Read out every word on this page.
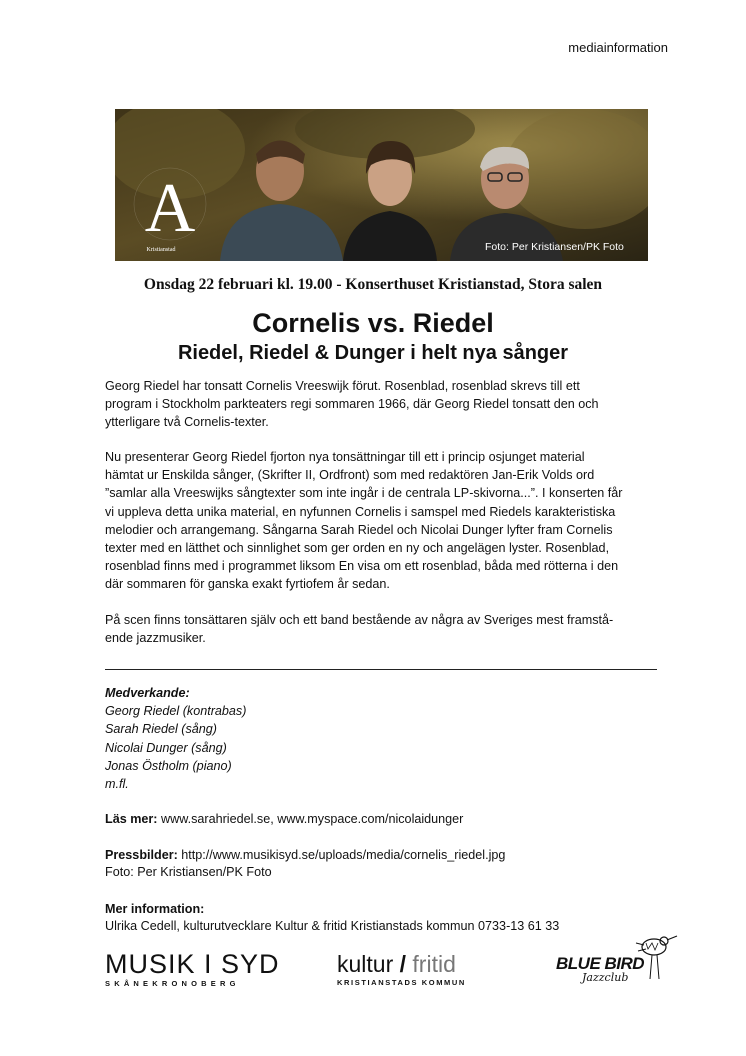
mediainformation
A
Kristianstad	Foto: Per Kristiansen/PK Foto
Onsdag 22 februari kl. 19.00 - Konserthuset Kristianstad, Stora salen
Cornelis vs. Riedel
Riedel, Riedel & Dunger i helt nya sånger
Georg Riedel har tonsatt Cornelis Vreeswijk förut. Rosenblad, rosenblad skrevs till ett
program i Stockholm parkteaters regi sommaren 1966, där Georg Riedel tonsatt den och
ytterligare två Cornelis-texter.
Nu presenterar Georg Riedel fjorton nya tonsättningar till ett i princip osjunget material
hämtat ur Enskilda sånger, (Skrifter II, Ordfront) som med redaktören Jan-Erik Volds ord
”samlar alla Vreeswijks sångtexter som inte ingår i de centrala LP-skivorna...”. I konserten får
vi uppleva detta unika material, en nyfunnen Cornelis i samspel med Riedels karakteristiska
melodier och arrangemang. Sångarna Sarah Riedel och Nicolai Dunger lyfter fram Cornelis
texter med en lätthet och sinnlighet som ger orden en ny och angelägen lyster. Rosenblad,
rosenblad finns med i programmet liksom En visa om ett rosenblad, båda med rötterna i den
där sommaren för ganska exakt fyrtiofem år sedan.
På scen finns tonsättaren själv och ett band bestående av några av Sveriges mest framstå-
ende jazzmusiker.
Medverkande:
Georg Riedel (kontrabas)
Sarah Riedel (sång)
Nicolai Dunger (sång)
Jonas Östholm (piano)
m.fl.
Läs mer: www.sarahriedel.se, www.myspace.com/nicolaidunger
Pressbilder: http://www.musikisyd.se/uploads/media/cornelis_riedel.jpg
Foto: Per Kristiansen/PK Foto
Mer information:
Ulrika Cedell, kulturutvecklare Kultur & fritid Kristianstads kommun 0733-13 61 33
MUSIK I SYD
SKÅNEKRONOBERG
kultur / fritid
KRISTIANSTADS KOMMUN
BLUE BIRD
Jazzclub
